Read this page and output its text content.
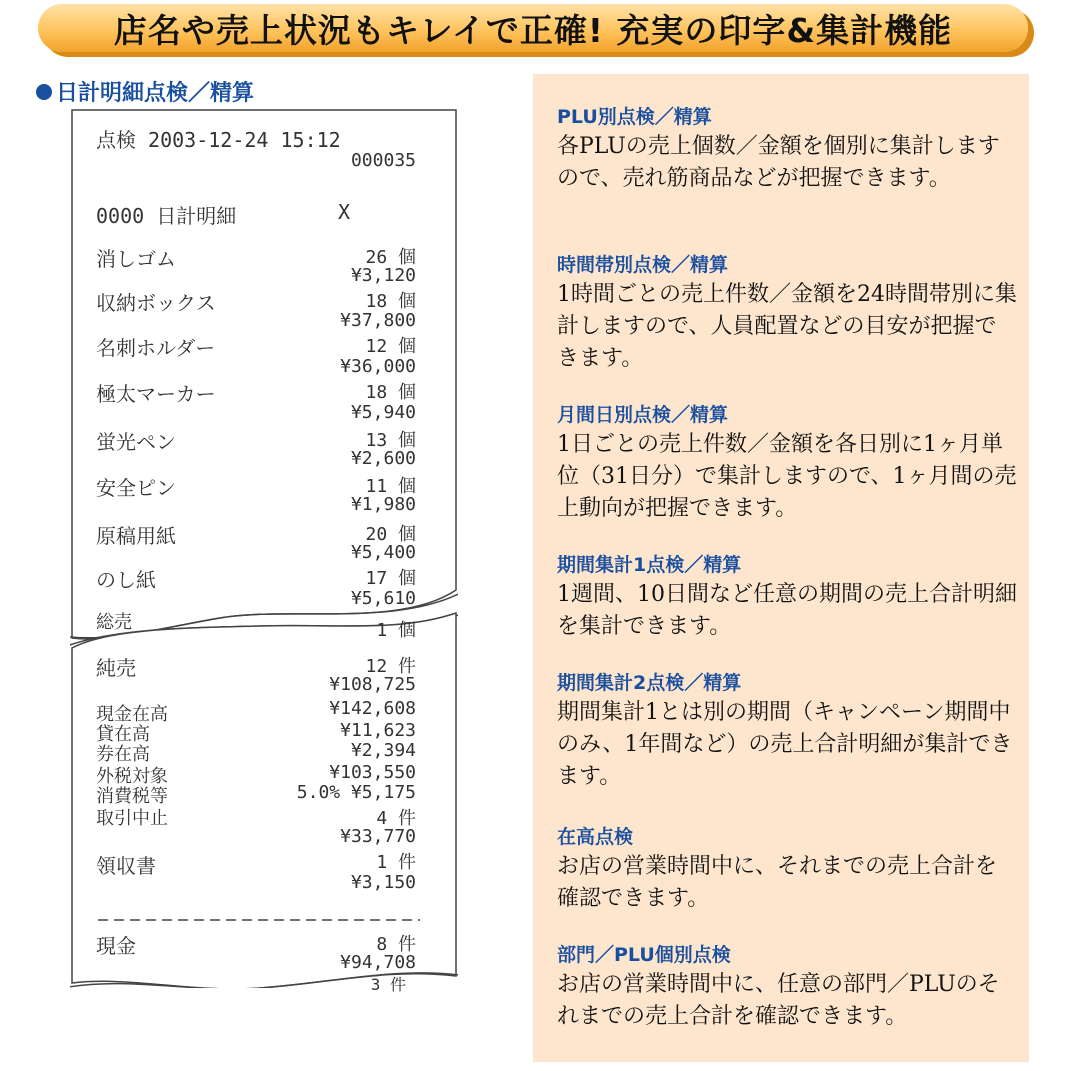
店名や売上状況もキレイで正確! 充実の印字&集計機能
日計明細点検／精算
点検 2003-12-24 15:12
000035
0000 日計明細	X
消しゴム	26 個
¥3,120
収納ボックス	18 個
¥37,800
名刺ホルダー	12 個
¥36,000
極太マーカー	18 個
¥5,940
蛍光ペン	13 個
¥2,600
安全ピン	11 個
¥1,980
原稿用紙	20 個
¥5,400
のし紙	17 個
¥5,610
総売	1 個
純売	12 件
¥108,725
現金在高	¥142,608
貸在高	¥11,623
券在高	¥2,394
外税対象	¥103,550
消費税等	5.0% ¥5,175
取引中止	4 件
¥33,770
領収書	1 件
¥3,150
現金	8 件
¥94,708
3 件
PLU別点検／精算

各PLUの売上個数／金額を個別に集計しますので、売れ筋商品などが把握できます。

時間帯別点検／精算

1時間ごとの売上件数／金額を24時間帯別に集計しますので、人員配置などの目安が把握できます。

月間日別点検／精算

1日ごとの売上件数／金額を各日別に1ヶ月単位（31日分）で集計しますので、1ヶ月間の売上動向が把握できます。

期間集計1点検／精算

1週間、10日間など任意の期間の売上合計明細を集計できます。

期間集計2点検／精算

期間集計1とは別の期間（キャンペーン期間中のみ、1年間など）の売上合計明細が集計できます。

在高点検

お店の営業時間中に、それまでの売上合計を確認できます。

部門／PLU個別点検

お店の営業時間中に、任意の部門／PLUのそれまでの売上合計を確認できます。
